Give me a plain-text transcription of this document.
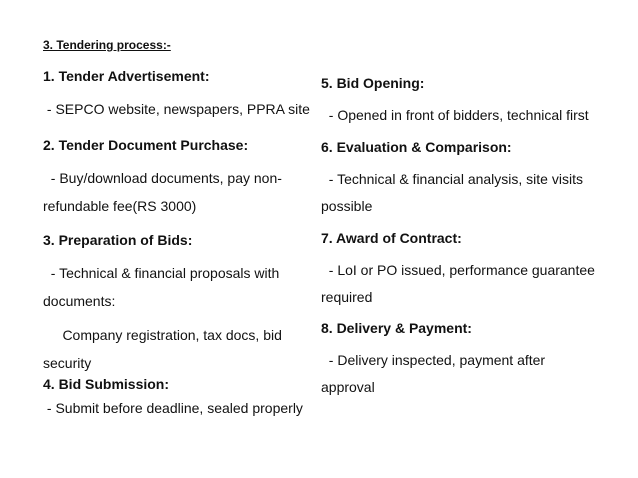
3. Tendering process:-
1. Tender Advertisement:
- SEPCO website, newspapers, PPRA site
2. Tender Document Purchase:
- Buy/download documents, pay non-
refundable fee(RS 3000)
3. Preparation of Bids:
- Technical & financial proposals with
documents:
Company registration, tax docs, bid
security
4. Bid Submission:
- Submit before deadline, sealed properly
5. Bid Opening:
- Opened in front of bidders, technical first
6. Evaluation & Comparison:
- Technical & financial analysis, site visits
possible
7. Award of Contract:
- LoI or PO issued, performance guarantee
required
8. Delivery & Payment:
- Delivery inspected, payment after
approval
